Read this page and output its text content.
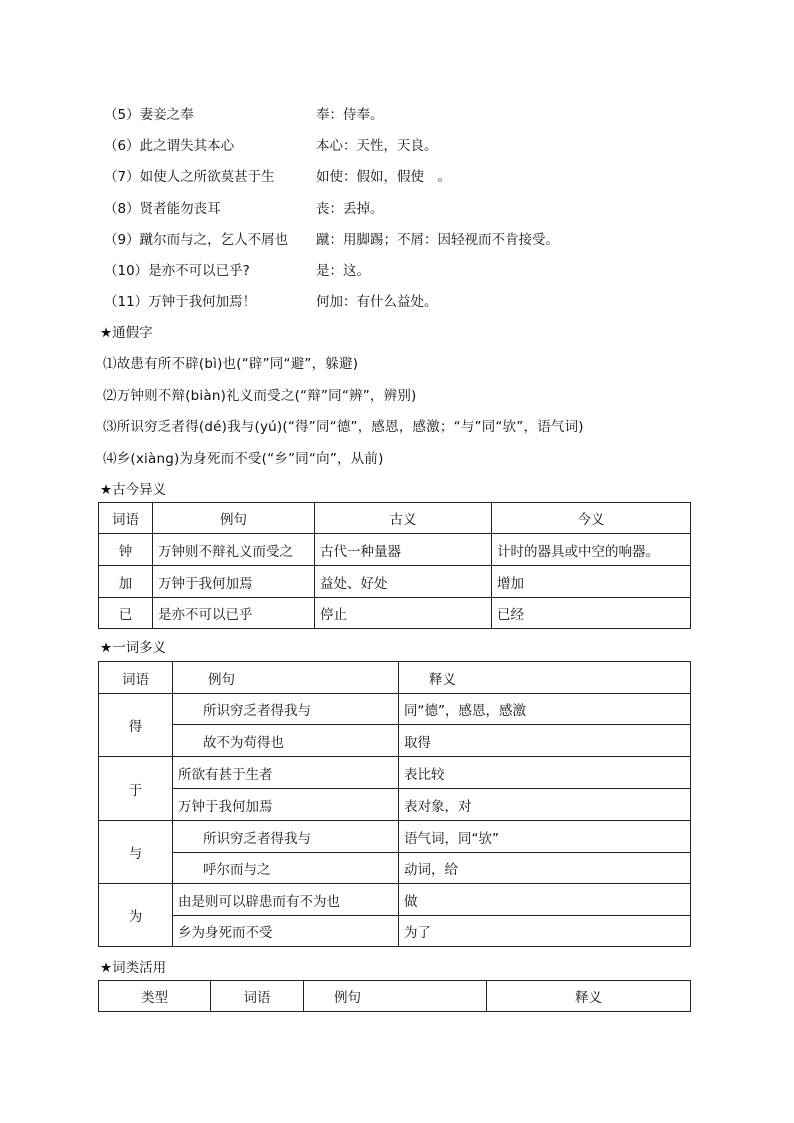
（5）妻妾之奉	奉：侍奉。
（6）此之谓失其本心	本心：天性，天良。
（7）如使人之所欲莫甚于生	如使：假如，假使　。
（8）贤者能勿丧耳	丧：丢掉。
（9）蹴尔而与之，乞人不屑也 蹴：用脚踢；不屑：因轻视而不肯接受。
（10）是亦不可以已乎?	是：这。
（11）万钟于我何加焉！	何加：有什么益处。
★通假字
⑴故患有所不辟(bì)也(“辟”同“避”，躲避)
⑵万钟则不辩(biàn)礼义而受之(“辩”同“辨”，辨别)
⑶所识穷乏者得(dé)我与(yú)(“得”同“德”，感恩，感激；“与”同“欤”，语气词)
⑷乡(xiàng)为身死而不受(“乡”同“向”，从前)
★古今异义
词语	例句	古义	今义
钟	万钟则不辩礼义而受之	古代一种量器	计时的器具或中空的响器。
加	万钟于我何加焉	益处、好处	增加
已	是亦不可以已乎	停止	已经
★一词多义
词语	例句	释义
得	所识穷乏者得我与	同“德”，感恩，感激
	故不为苟得也	取得
于	所欲有甚于生者	表比较
	万钟于我何加焉	表对象，对
与	所识穷乏者得我与	语气词，同“欤”
	呼尔而与之	动词，给
为	由是则可以辟患而有不为也	做
	乡为身死而不受	为了
★词类活用
类型	词语	例句	释义
